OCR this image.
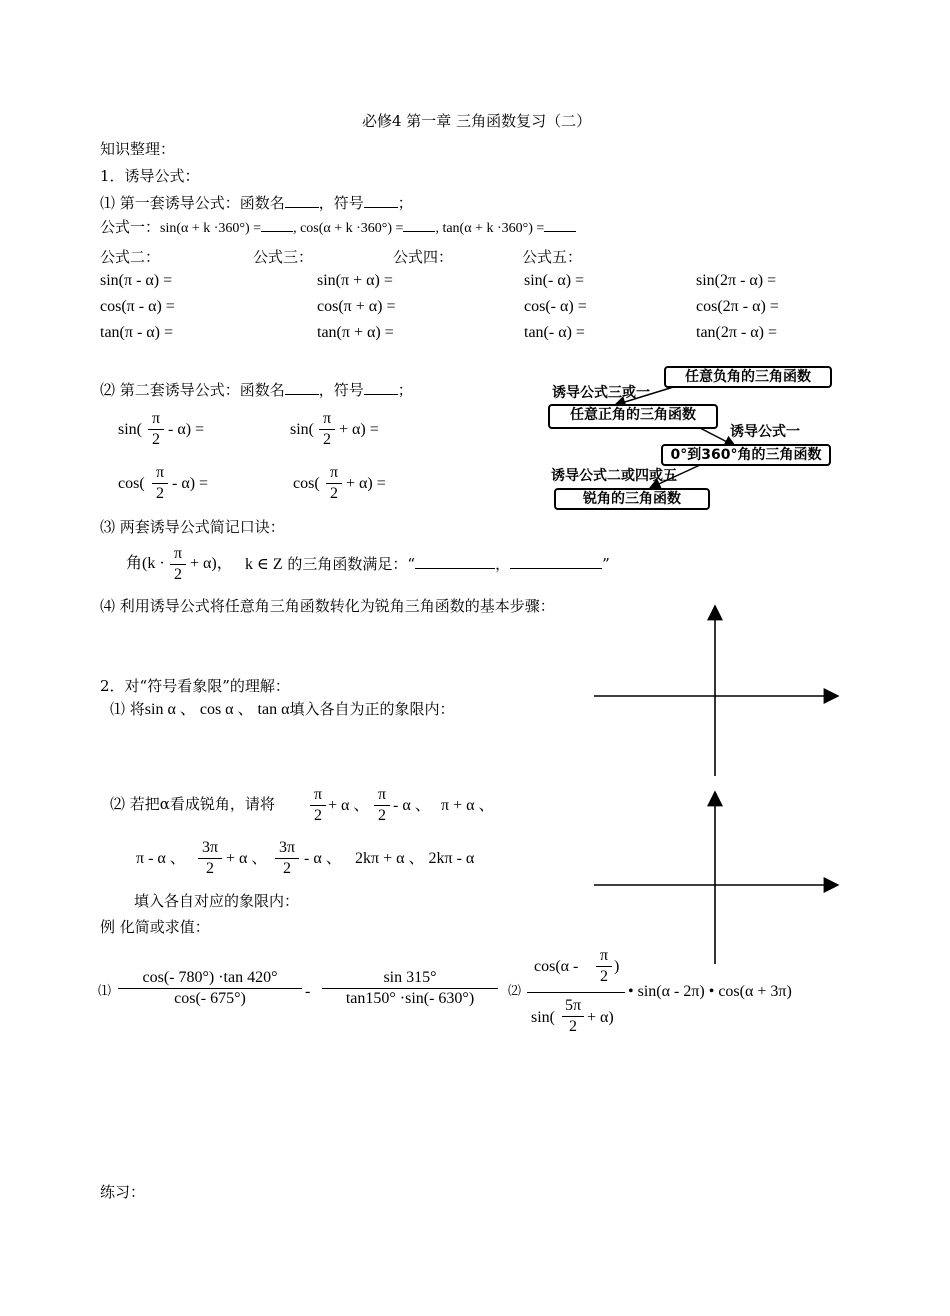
必修4 第一章 三角函数复习（二）
知识整理：
1．诱导公式：
⑴ 第一套诱导公式：函数名 ，符号 ；
公式一：sin(α + k ·360°) = , cos(α + k ·360°) = , tan(α + k ·360°) =
公式二：	公式三：	公式四：	公式五：
sin(π - α) =	sin(π + α) =	sin(- α) =	sin(2π - α) =
cos(π - α) =	cos(π + α) =	cos(- α) =	cos(2π - α) =
tan(π - α) =	tan(π + α) =	tan(- α) =	tan(2π - α) =
⑵ 第二套诱导公式：函数名 ，符号 ；
sin(
π
2
- α) =	sin(
π
2
+ α) =
cos(
π
2
- α) =	cos(
π
2
+ α) =
任意负角的三角函数
诱导公式三或一
任意正角的三角函数
诱导公式一
0°到360°角的三角函数
诱导公式二或四或五
锐角的三角函数
⑶ 两套诱导公式简记口诀：
角(k ·
π
2
+ α)， k ∈ Z 的三角函数满足：“	，	”
⑷ 利用诱导公式将任意角三角函数转化为锐角三角函数的基本步骤：
2．对“符号看象限”的理解：
⑴ 将sin α 、 cos α 、 tan α填入各自为正的象限内：
⑵ 若把α看成锐角，请将
π
2
+ α 、
π
2
- α 、 π + α 、
π - α 、
3π
2
+ α 、
3π
2
- α 、 2kπ + α 、 2kπ - α
填入各自对应的象限内：
例 化简或求值：
⑴
cos(- 780°) ·tan 420°
cos(- 675°)	-
sin 315°
tan150° ·sin(- 630°)	⑵
cos(α -
π
2
)
sin(
5π
2
+ α)
• sin(α - 2π) • cos(α + 3π)
练习：
